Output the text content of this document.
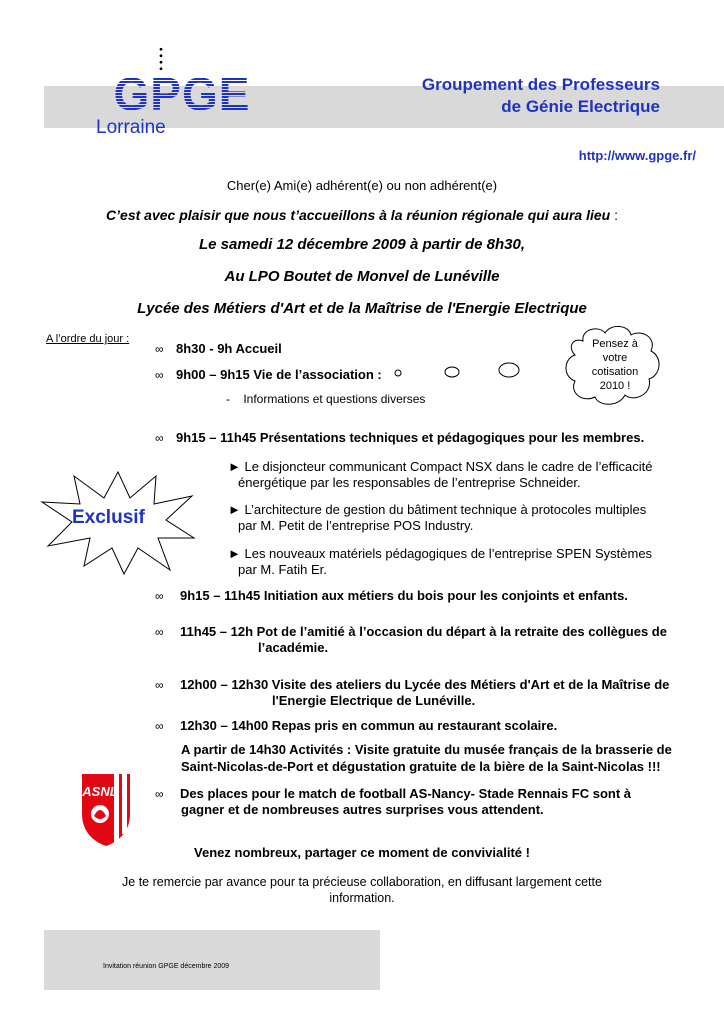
GPGE
Lorraine
Groupement des Professeurs
de Génie Electrique
http://www.gpge.fr/
Cher(e) Ami(e) adhérent(e) ou non adhérent(e)
C’est avec plaisir que nous t’accueillons à la réunion régionale qui aura lieu :
Le samedi 12 décembre 2009 à partir de 8h30,
Au LPO Boutet de Monvel de Lunéville
Lycée des Métiers d'Art et de la Maîtrise de l'Energie Electrique
A l’ordre du jour :	Pensez à
votre
cotisation
2010 !
∞ 8h30 - 9h Accueil
∞ 9h00 – 9h15 Vie de l’association :
- Informations et questions diverses
∞ 9h15 – 11h45 Présentations techniques et pédagogiques pour les membres.
Exclusif
► Le disjoncteur communicant Compact NSX dans le cadre de l’efficacité
énergétique par les responsables de l’entreprise Schneider.
► L’architecture de gestion du bâtiment technique à protocoles multiples
par M. Petit de l’entreprise POS Industry.
► Les nouveaux matériels pédagogiques de l’entreprise SPEN Systèmes
par M. Fatih Er.
∞ 9h15 – 11h45 Initiation aux métiers du bois pour les conjoints et enfants.
∞ 11h45 – 12h Pot de l’amitié à l’occasion du départ à la retraite des collègues de
l’académie.
∞ 12h00 – 12h30 Visite des ateliers du Lycée des Métiers d'Art et de la Maîtrise de
l'Energie Electrique de Lunéville.
∞ 12h30 – 14h00 Repas pris en commun au restaurant scolaire.
A partir de 14h30 Activités : Visite gratuite du musée français de la brasserie de
Saint-Nicolas-de-Port et dégustation gratuite de la bière de la Saint-Nicolas !!!
∞ Des places pour le match de football AS-Nancy- Stade Rennais FC sont à
gagner et de nombreuses autres surprises vous attendent.
ASNL
Venez nombreux, partager ce moment de convivialité !
Je te remercie par avance pour ta précieuse collaboration, en diffusant largement cette
information.
Invitation réunion GPGE décembre 2009
